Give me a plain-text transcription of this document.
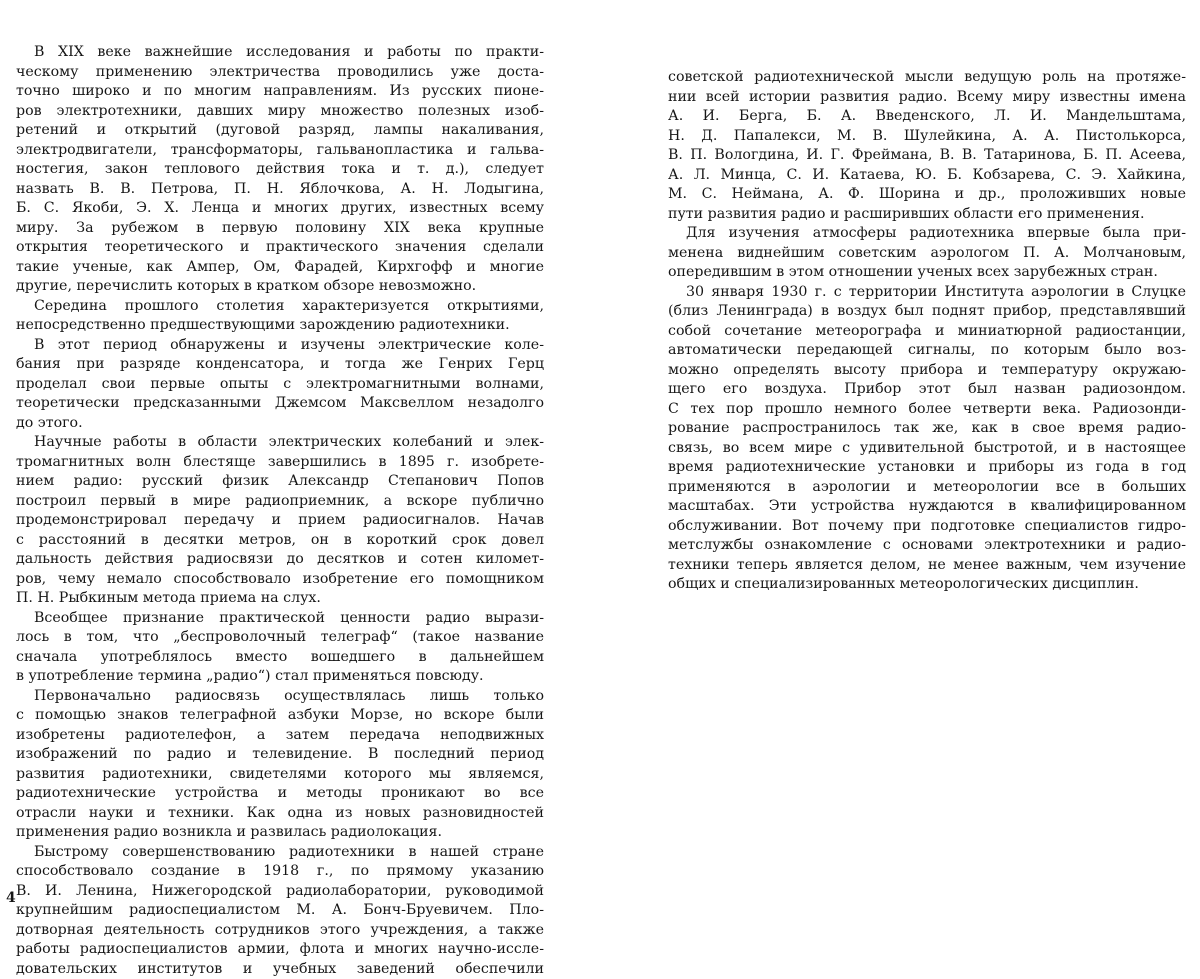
В XIX веке важнейшие исследования и работы по практи-
ческому применению электричества проводились уже доста-
точно широко и по многим направлениям. Из русских пионе-
ров электротехники, давших миру множество полезных изоб-
ретений и открытий (дуговой разряд, лампы накаливания,
электродвигатели, трансформаторы, гальванопластика и гальва-
ностегия, закон теплового действия тока и т. д.), следует
назвать В. В. Петрова, П. Н. Яблочкова, А. Н. Лодыгина,
Б. С. Якоби, Э. Х. Ленца и многих других, известных всему
миру. За рубежом в первую половину XIX века крупные
открытия теоретического и практического значения сделали
такие ученые, как Ампер, Ом, Фарадей, Кирхгофф и многие
другие, перечислить которых в кратком обзоре невозможно.
Середина прошлого столетия характеризуется открытиями,
непосредственно предшествующими зарождению радиотехники.
В этот период обнаружены и изучены электрические коле-
бания при разряде конденсатора, и тогда же Генрих Герц
проделал свои первые опыты с электромагнитными волнами,
теоретически предсказанными Джемсом Максвеллом незадолго
до этого.
Научные работы в области электрических колебаний и элек-
тромагнитных волн блестяще завершились в 1895 г. изобрете-
нием радио: русский физик Александр Степанович Попов
построил первый в мире радиоприемник, а вскоре публично
продемонстрировал передачу и прием радиосигналов. Начав
с расстояний в десятки метров, он в короткий срок довел
дальность действия радиосвязи до десятков и сотен километ-
ров, чему немало способствовало изобретение его помощником
П. Н. Рыбкиным метода приема на слух.
Всеобщее признание практической ценности радио вырази-
лось в том, что „беспроволочный телеграф“ (такое название
сначала употреблялось вместо вошедшего в дальнейшем
в употребление термина „радио“) стал применяться повсюду.
Первоначально радиосвязь осуществлялась лишь только
с помощью знаков телеграфной азбуки Морзе, но вскоре были
изобретены радиотелефон, а затем передача неподвижных
изображений по радио и телевидение. В последний период
развития радиотехники, свидетелями которого мы являемся,
радиотехнические устройства и методы проникают во все
отрасли науки и техники. Как одна из новых разновидностей
применения радио возникла и развилась радиолокация.
Быстрому совершенствованию радиотехники в нашей стране
способствовало создание в 1918 г., по прямому указанию
В. И. Ленина, Нижегородской радиолаборатории, руководимой
крупнейшим радиоспециалистом М. А. Бонч-Бруевичем. Пло-
дотворная деятельность сотрудников этого учреждения, а также
работы радиоспециалистов армии, флота и многих научно-иссле-
довательских институтов и учебных заведений обеспечили
4
советской радиотехнической мысли ведущую роль на протяже-
нии всей истории развития радио. Всему миру известны имена
А. И. Берга, Б. А. Введенского, Л. И. Мандельштама,
Н. Д. Папалекси, М. В. Шулейкина, А. А. Пистолькорса,
В. П. Вологдина, И. Г. Фреймана, В. В. Татаринова, Б. П. Асеева,
А. Л. Минца, С. И. Катаева, Ю. Б. Кобзарева, С. Э. Хайкина,
М. С. Неймана, А. Ф. Шорина и др., проложивших новые
пути развития радио и расширивших области его применения.
Для изучения атмосферы радиотехника впервые была при-
менена виднейшим советским аэрологом П. А. Молчановым,
опередившим в этом отношении ученых всех зарубежных стран.
30 января 1930 г. с территории Института аэрологии в Слуцке
(близ Ленинграда) в воздух был поднят прибор, представлявший
собой сочетание метеорографа и миниатюрной радиостанции,
автоматически передающей сигналы, по которым было воз-
можно определять высоту прибора и температуру окружаю-
щего его воздуха. Прибор этот был назван радиозондом.
С тех пор прошло немного более четверти века. Радиозонди-
рование распространилось так же, как в свое время радио-
связь, во всем мире с удивительной быстротой, и в настоящее
время радиотехнические установки и приборы из года в год
применяются в аэрологии и метеорологии все в больших
масштабах. Эти устройства нуждаются в квалифицированном
обслуживании. Вот почему при подготовке специалистов гидро-
метслужбы ознакомление с основами электротехники и радио-
техники теперь является делом, не менее важным, чем изучение
общих и специализированных метеорологических дисциплин.
